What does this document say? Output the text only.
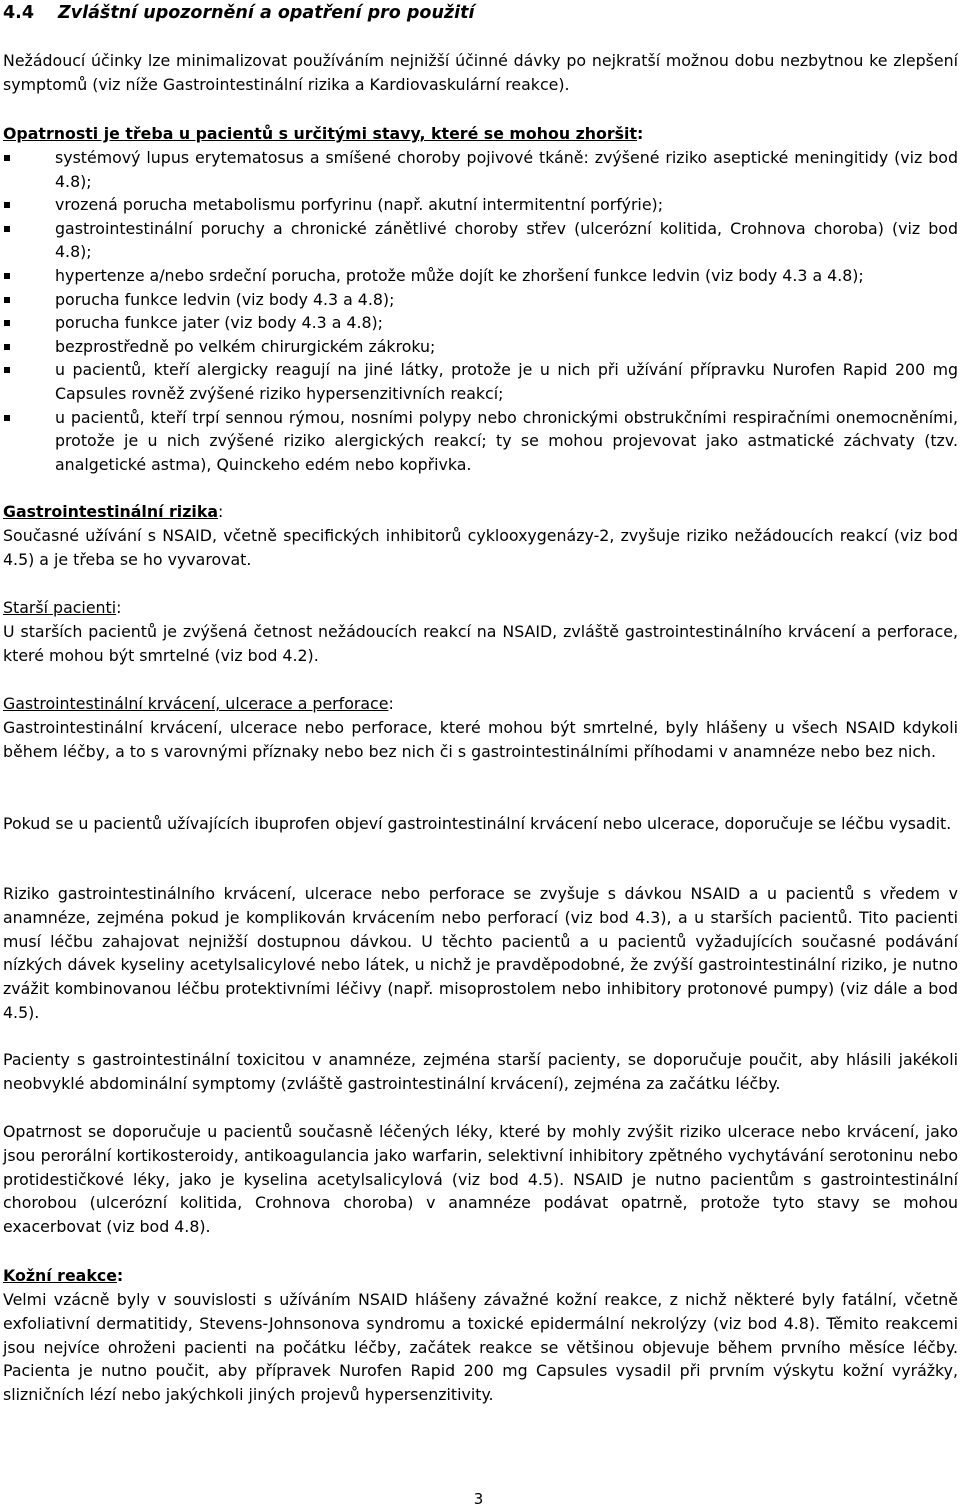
4.4 Zvláštní upozornění a opatření pro použití
Nežádoucí účinky lze minimalizovat používáním nejnižší účinné dávky po nejkratší možnou dobu nezbytnou ke zlepšení symptomů (viz níže Gastrointestinální rizika a Kardiovaskulární reakce).
Opatrnosti je třeba u pacientů s určitými stavy, které se mohou zhoršit:
systémový lupus erytematosus a smíšené choroby pojivové tkáně: zvýšené riziko aseptické meningitidy (viz bod 4.8);
vrozená porucha metabolismu porfyrinu (např. akutní intermitentní porfýrie);
gastrointestinální poruchy a chronické zánětlivé choroby střev (ulcerózní kolitida, Crohnova choroba) (viz bod 4.8);
hypertenze a/nebo srdeční porucha, protože může dojít ke zhoršení funkce ledvin (viz body 4.3 a 4.8);
porucha funkce ledvin (viz body 4.3 a 4.8);
porucha funkce jater (viz body 4.3 a 4.8);
bezprostředně po velkém chirurgickém zákroku;
u pacientů, kteří alergicky reagují na jiné látky, protože je u nich při užívání přípravku Nurofen Rapid 200 mg Capsules rovněž zvýšené riziko hypersenzitivních reakcí;
u pacientů, kteří trpí sennou rýmou, nosními polypy nebo chronickými obstrukčními respiračními onemocněními, protože je u nich zvýšené riziko alergických reakcí; ty se mohou projevovat jako astmatické záchvaty (tzv. analgetické astma), Quinckeho edém nebo kopřivka.
Gastrointestinální rizika:
Současné užívání s NSAID, včetně specifických inhibitorů cyklooxygenázy-2, zvyšuje riziko nežádoucích reakcí (viz bod 4.5) a je třeba se ho vyvarovat.
Starší pacienti:
U starších pacientů je zvýšená četnost nežádoucích reakcí na NSAID, zvláště gastrointestinálního krvácení a perforace, které mohou být smrtelné (viz bod 4.2).
Gastrointestinální krvácení, ulcerace a perforace:
Gastrointestinální krvácení, ulcerace nebo perforace, které mohou být smrtelné, byly hlášeny u všech NSAID kdykoli během léčby, a to s varovnými příznaky nebo bez nich či s gastrointestinálními příhodami v anamnéze nebo bez nich.
Pokud se u pacientů užívajících ibuprofen objeví gastrointestinální krvácení nebo ulcerace, doporučuje se léčbu vysadit.
Riziko gastrointestinálního krvácení, ulcerace nebo perforace se zvyšuje s dávkou NSAID a u pacientů s vředem v anamnéze, zejména pokud je komplikován krvácením nebo perforací (viz bod 4.3), a u starších pacientů. Tito pacienti musí léčbu zahajovat nejnižší dostupnou dávkou. U těchto pacientů a u pacientů vyžadujících současné podávání nízkých dávek kyseliny acetylsalicylové nebo látek, u nichž je pravděpodobné, že zvýší gastrointestinální riziko, je nutno zvážit kombinovanou léčbu protektivními léčivy (např. misoprostolem nebo inhibitory protonové pumpy) (viz dále a bod 4.5).
Pacienty s gastrointestinální toxicitou v anamnéze, zejména starší pacienty, se doporučuje poučit, aby hlásili jakékoli neobvyklé abdominální symptomy (zvláště gastrointestinální krvácení), zejména za začátku léčby.
Opatrnost se doporučuje u pacientů současně léčených léky, které by mohly zvýšit riziko ulcerace nebo krvácení, jako jsou perorální kortikosteroidy, antikoagulancia jako warfarin, selektivní inhibitory zpětného vychytávání serotoninu nebo protidestičkové léky, jako je kyselina acetylsalicylová (viz bod 4.5). NSAID je nutno pacientům s gastrointestinální chorobou (ulcerózní kolitida, Crohnova choroba) v anamnéze podávat opatrně, protože tyto stavy se mohou exacerbovat (viz bod 4.8).
Kožní reakce:
Velmi vzácně byly v souvislosti s užíváním NSAID hlášeny závažné kožní reakce, z nichž některé byly fatální, včetně exfoliativní dermatitidy, Stevens-Johnsonova syndromu a toxické epidermální nekrolýzy (viz bod 4.8). Těmito reakcemi jsou nejvíce ohroženi pacienti na počátku léčby, začátek reakce se většinou objevuje během prvního měsíce léčby. Pacienta je nutno poučit, aby přípravek Nurofen Rapid 200 mg Capsules vysadil při prvním výskytu kožní vyrážky, slizničních lézí nebo jakýchkoli jiných projevů hypersenzitivity.
3
